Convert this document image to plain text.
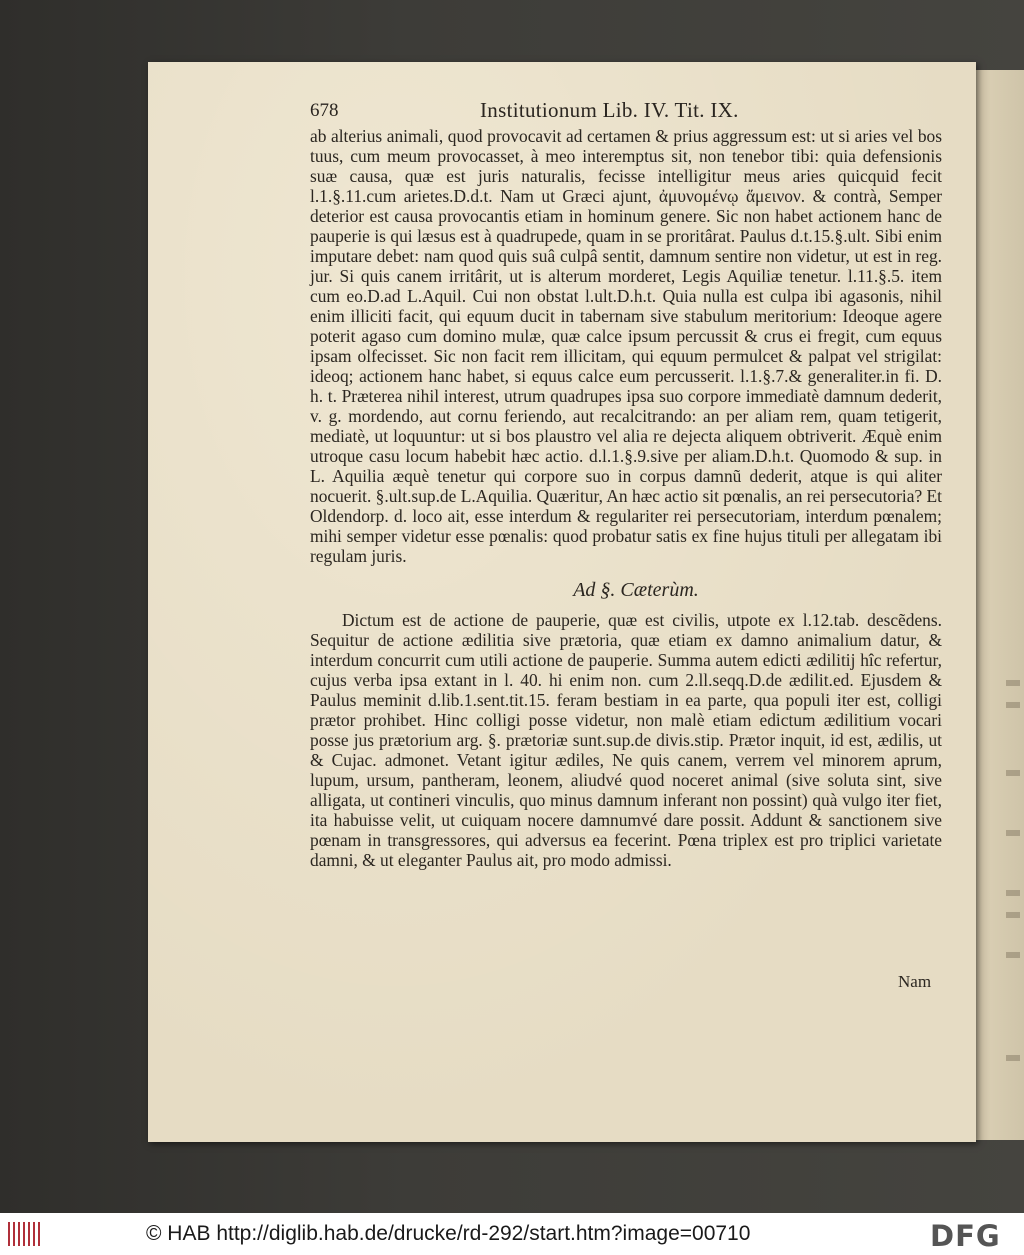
678	Institutionum Lib. IV. Tit. IX.

ab alterius animali, quod provocavit ad certamen & prius aggressum est: ut si aries vel bos tuus, cum meum provocasset, à meo interemptus sit, non tenebor tibi: quia defensionis suæ causa, quæ est juris naturalis, fecisse intelligitur meus aries quicquid fecit l.1.§.11.cum arietes.D.d.t. Nam ut Græci ajunt, ἀμυνομένῳ ἄμεινον. & contrà, Semper deterior est causa provocantis etiam in hominum genere. Sic non habet actionem hanc de pauperie is qui læsus est à quadrupede, quam in se proritârat. Paulus d.t.15.§.ult. Sibi enim imputare debet: nam quod quis suâ culpâ sentit, damnum sentire non videtur, ut est in reg. jur. Si quis canem irritârit, ut is alterum morderet, Legis Aquiliæ tenetur. l.11.§.5. item cum eo.D.ad L.Aquil. Cui non obstat l.ult.D.h.t. Quia nulla est culpa ibi agasonis, nihil enim illiciti facit, qui equum ducit in tabernam sive stabulum meritorium: Ideoque agere poterit agaso cum domino mulæ, quæ calce ipsum percussit & crus ei fregit, cum equus ipsam olfecisset. Sic non facit rem illicitam, qui equum permulcet & palpat vel strigilat: ideoq; actionem hanc habet, si equus calce eum percusserit. l.1.§.7.& generaliter.in fi. D. h. t. Præterea nihil interest, utrum quadrupes ipsa suo corpore immediatè damnum dederit, v. g. mordendo, aut cornu feriendo, aut recalcitrando: an per aliam rem, quam tetigerit, mediatè, ut loquuntur: ut si bos plaustro vel alia re dejecta aliquem obtriverit. Æquè enim utroque casu locum habebit hæc actio. d.l.1.§.9.sive per aliam.D.h.t. Quomodo & sup. in L. Aquilia æquè tenetur qui corpore suo in corpus damnũ dederit, atque is qui aliter nocuerit. §.ult.sup.de L.Aquilia. Quæritur, An hæc actio sit pœnalis, an rei persecutoria? Et Oldendorp. d. loco ait, esse interdum & regulariter rei persecutoriam, interdum pœnalem; mihi semper videtur esse pœnalis: quod probatur satis ex fine hujus tituli per allegatam ibi regulam juris.

Ad §. Cæterùm.

Dictum est de actione de pauperie, quæ est civilis, utpote ex l.12.tab. descẽdens. Sequitur de actione ædilitia sive prætoria, quæ etiam ex damno animalium datur, & interdum concurrit cum utili actione de pauperie. Summa autem edicti ædilitij hîc refertur, cujus verba ipsa extant in l. 40. hi enim non. cum 2.ll.seqq.D.de ædilit.ed. Ejusdem & Paulus meminit d.lib.1.sent.tit.15. feram bestiam in ea parte, qua populi iter est, colligi prætor prohibet. Hinc colligi posse videtur, non malè etiam edictum ædilitium vocari posse jus prætorium arg. §. prætoriæ sunt.sup.de divis.stip. Prætor inquit, id est, ædilis, ut & Cujac. admonet. Vetant igitur ædiles, Ne quis canem, verrem vel minorem aprum, lupum, ursum, pantheram, leonem, aliudvé quod noceret animal (sive soluta sint, sive alligata, ut contineri vinculis, quo minus damnum inferant non possint) quà vulgo iter fiet, ita habuisse velit, ut cuiquam nocere damnumvé dare possit. Addunt & sanctionem sive pœnam in transgressores, qui adversus ea fecerint. Pœna triplex est pro triplici varietate damni, & ut eleganter Paulus ait, pro modo admissi.

Nam
© HAB http://diglib.hab.de/drucke/rd-292/start.htm?image=00710	DFG
